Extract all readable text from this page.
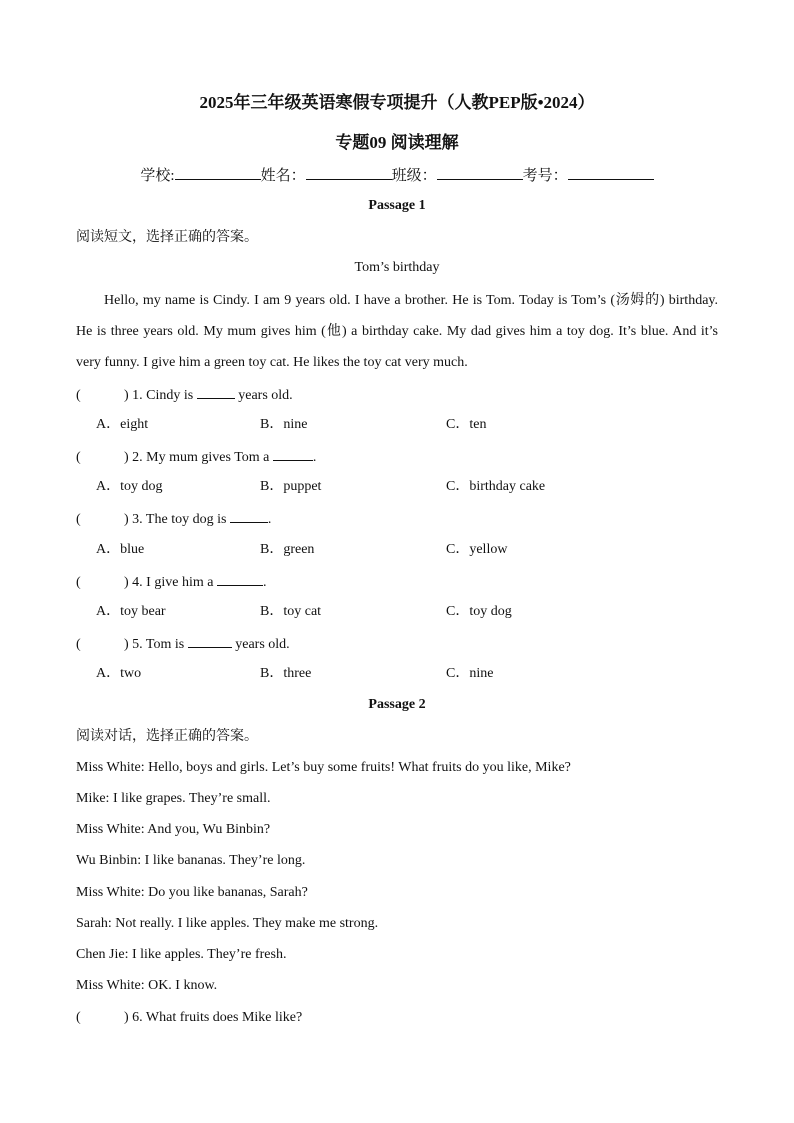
2025年三年级英语寒假专项提升（人教PEP版•2024）
专题09 阅读理解
学校:	姓名：	班级：	考号：
Passage 1
阅读短文，选择正确的答案。
Tom’s birthday
Hello, my name is Cindy. I am 9 years old. I have a brother. He is Tom. Today is Tom’s (汤姆的) birthday. He is three years old. My mum gives him (他) a birthday cake. My dad gives him a toy dog. It’s blue. And it’s very funny. I give him a green toy cat. He likes the toy cat very much.
(	) 1. Cindy is	years old.
A．eight	B．nine	C．ten
(	) 2. My mum gives Tom a	.
A．toy dog	B．puppet	C．birthday cake
(	) 3. The toy dog is	.
A．blue	B．green	C．yellow
(	) 4. I give him a	.
A．toy bear	B．toy cat	C．toy dog
(	) 5. Tom is	years old.
A．two	B．three	C．nine
Passage 2
阅读对话，选择正确的答案。
Miss White: Hello, boys and girls. Let’s buy some fruits! What fruits do you like, Mike?
Mike: I like grapes. They’re small.
Miss White: And you, Wu Binbin?
Wu Binbin: I like bananas. They’re long.
Miss White: Do you like bananas, Sarah?
Sarah: Not really. I like apples. They make me strong.
Chen Jie: I like apples. They’re fresh.
Miss White: OK. I know.
(	) 6. What fruits does Mike like?
